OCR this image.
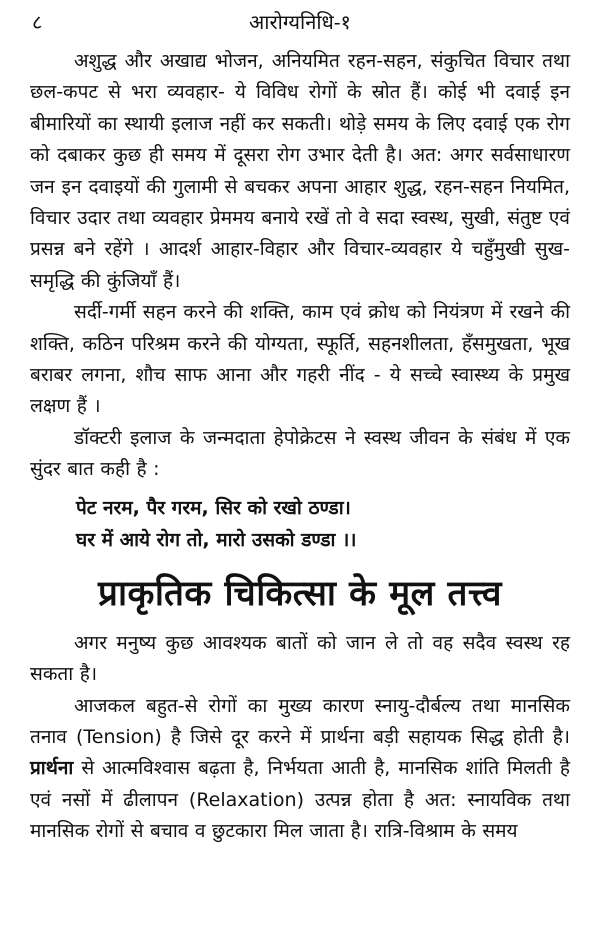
८	आरोग्यनिधि-१

अशुद्ध और अखाद्य भोजन, अनियमित रहन-सहन, संकुचित विचार तथा छल-कपट से भरा व्यवहार- ये विविध रोगों के स्रोत हैं। कोई भी दवाई इन बीमारियों का स्थायी इलाज नहीं कर सकती। थोड़े समय के लिए दवाई एक रोग को दबाकर कुछ ही समय में दूसरा रोग उभार देती है। अत: अगर सर्वसाधारण जन इन दवाइयों की गुलामी से बचकर अपना आहार शुद्ध, रहन-सहन नियमित, विचार उदार तथा व्यवहार प्रेममय बनाये रखें तो वे सदा स्वस्थ, सुखी, संतुष्ट एवं प्रसन्न बने रहेंगे । आदर्श आहार-विहार और विचार-व्यवहार ये चहुँमुखी सुख-समृद्धि की कुंजियाँ हैं।

सर्दी-गर्मी सहन करने की शक्ति, काम एवं क्रोध को नियंत्रण में रखने की शक्ति, कठिन परिश्रम करने की योग्यता, स्फूर्ति, सहनशीलता, हँसमुखता, भूख बराबर लगना, शौच साफ आना और गहरी नींद - ये सच्चे स्वास्थ्य के प्रमुख लक्षण हैं ।

डॉक्टरी इलाज के जन्मदाता हेपोक्रेटस ने स्वस्थ जीवन के संबंध में एक सुंदर बात कही है :

पेट नरम, पैर गरम, सिर को रखो ठण्डा।
घर में आये रोग तो, मारो उसको डण्डा ।।
प्राकृतिक चिकित्सा के मूल तत्त्व

अगर मनुष्य कुछ आवश्यक बातों को जान ले तो वह सदैव स्वस्थ रह सकता है।

आजकल बहुत-से रोगों का मुख्य कारण स्नायु-दौर्बल्य तथा मानसिक तनाव (Tension) है जिसे दूर करने में प्रार्थना बड़ी सहायक सिद्ध होती है। प्रार्थना से आत्मविश्वास बढ़ता है, निर्भयता आती है, मानसिक शांति मिलती है एवं नसों में ढीलापन (Relaxation) उत्पन्न होता है अत: स्नायविक तथा मानसिक रोगों से बचाव व छुटकारा मिल जाता है। रात्रि-विश्राम के समय
